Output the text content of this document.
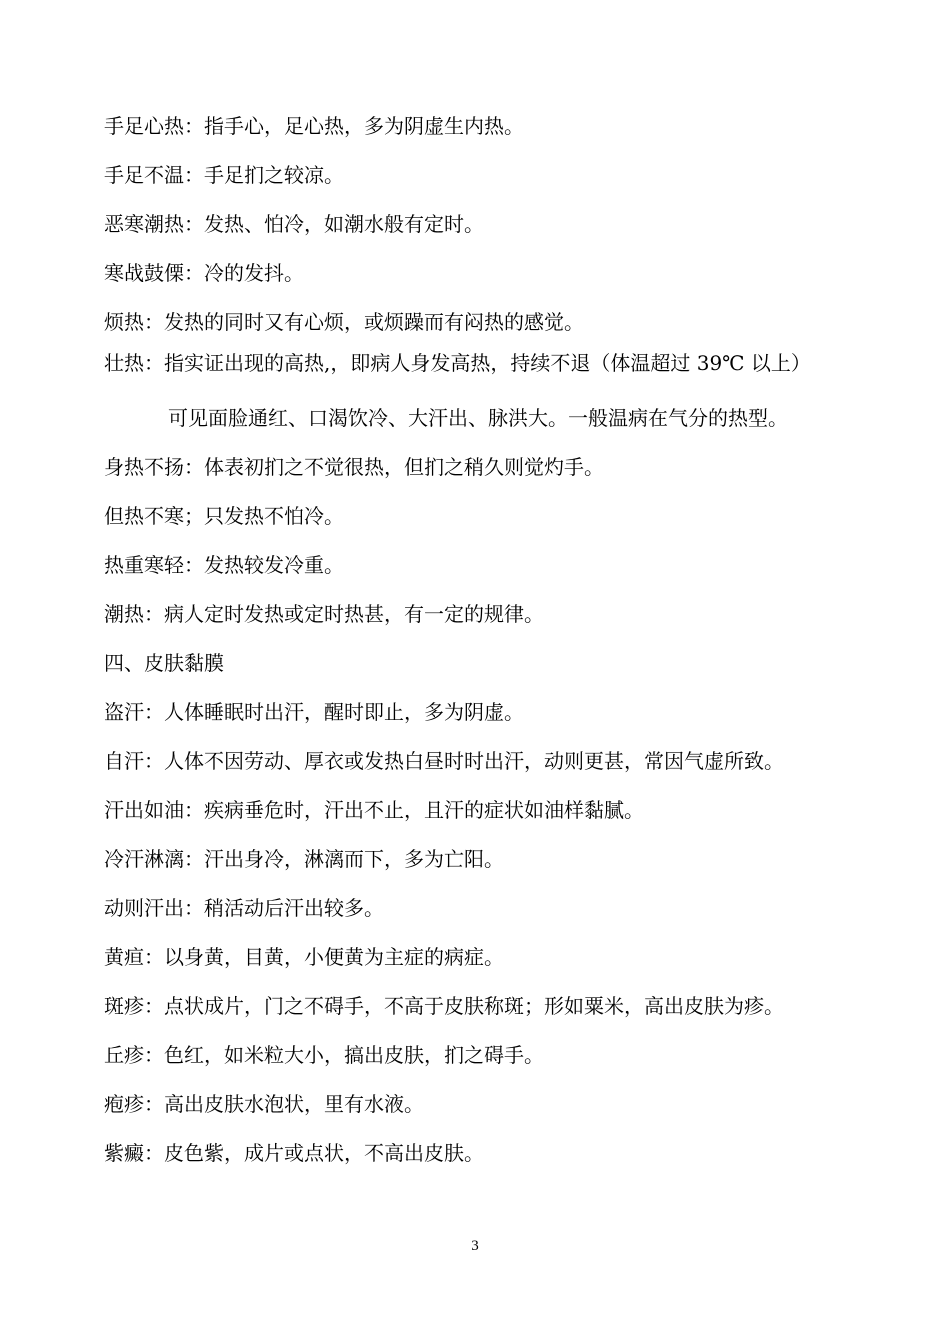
手足心热：指手心，足心热，多为阴虚生内热。
手足不温：手足扪之较凉。
恶寒潮热：发热、怕冷，如潮水般有定时。
寒战鼓傈：冷的发抖。
烦热：发热的同时又有心烦，或烦躁而有闷热的感觉。
壮热：指实证出现的高热,，即病人身发高热，持续不退（体温超过 39℃ 以上）
可见面脸通红、口渴饮冷、大汗出、脉洪大。一般温病在气分的热型。
身热不扬：体表初扪之不觉很热，但扪之稍久则觉灼手。
但热不寒；只发热不怕冷。
热重寒轻：发热较发冷重。
潮热：病人定时发热或定时热甚，有一定的规律。
四、皮肤黏膜
盗汗：人体睡眠时出汗，醒时即止，多为阴虚。
自汗：人体不因劳动、厚衣或发热白昼时时出汗，动则更甚，常因气虚所致。
汗出如油：疾病垂危时，汗出不止，且汗的症状如油样黏腻。
冷汗淋漓：汗出身冷，淋漓而下，多为亡阳。
动则汗出：稍活动后汗出较多。
黄疸：以身黄，目黄，小便黄为主症的病症。
斑疹：点状成片，门之不碍手，不高于皮肤称斑；形如粟米，高出皮肤为疹。
丘疹：色红，如米粒大小，搞出皮肤，扪之碍手。
疱疹：高出皮肤水泡状，里有水液。
紫癜：皮色紫，成片或点状，不高出皮肤。
3
